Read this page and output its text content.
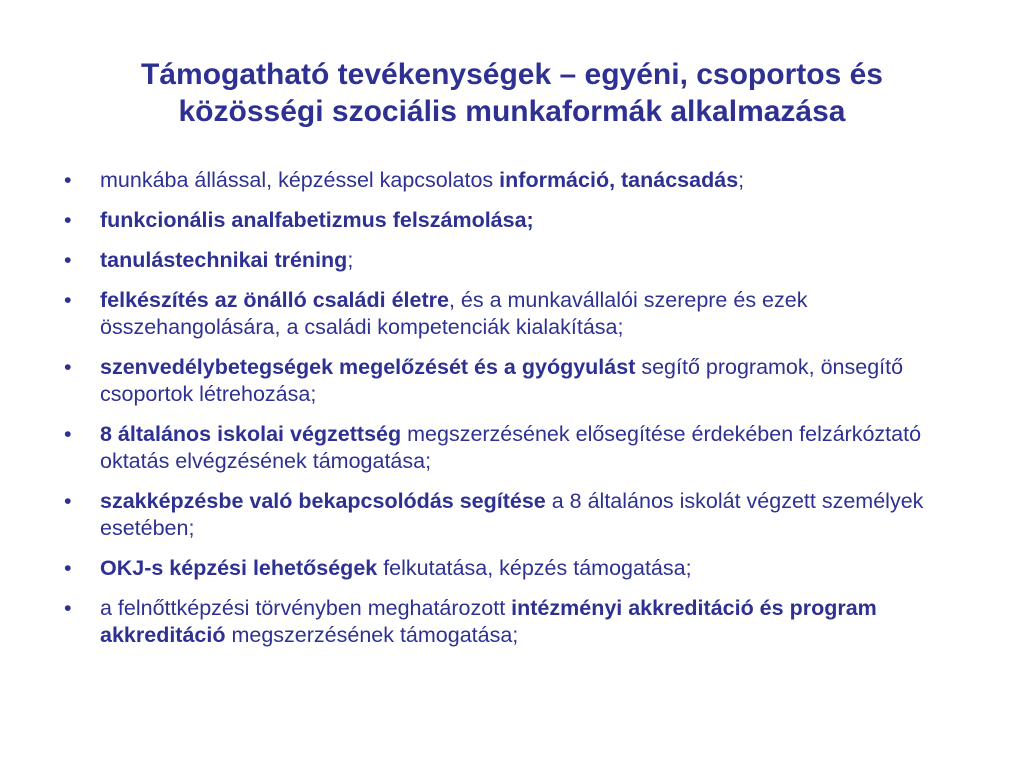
Támogatható tevékenységek – egyéni, csoportos és
közösségi szociális munkaformák alkalmazása
• munkába állással, képzéssel kapcsolatos információ, tanácsadás;
• funkcionális analfabetizmus felszámolása;
• tanulástechnikai tréning;
• felkészítés az önálló családi életre, és a munkavállalói szerepre és ezek összehangolására, a családi kompetenciák kialakítása;
• szenvedélybetegségek megelőzését és a gyógyulást segítő programok, önsegítő csoportok létrehozása;
• 8 általános iskolai végzettség megszerzésének elősegítése érdekében felzárkóztató oktatás elvégzésének támogatása;
• szakképzésbe való bekapcsolódás segítése a 8 általános iskolát végzett személyek esetében;
• OKJ-s képzési lehetőségek felkutatása, képzés támogatása;
• a felnőttképzési törvényben meghatározott intézményi akkreditáció és program akkreditáció megszerzésének támogatása;
